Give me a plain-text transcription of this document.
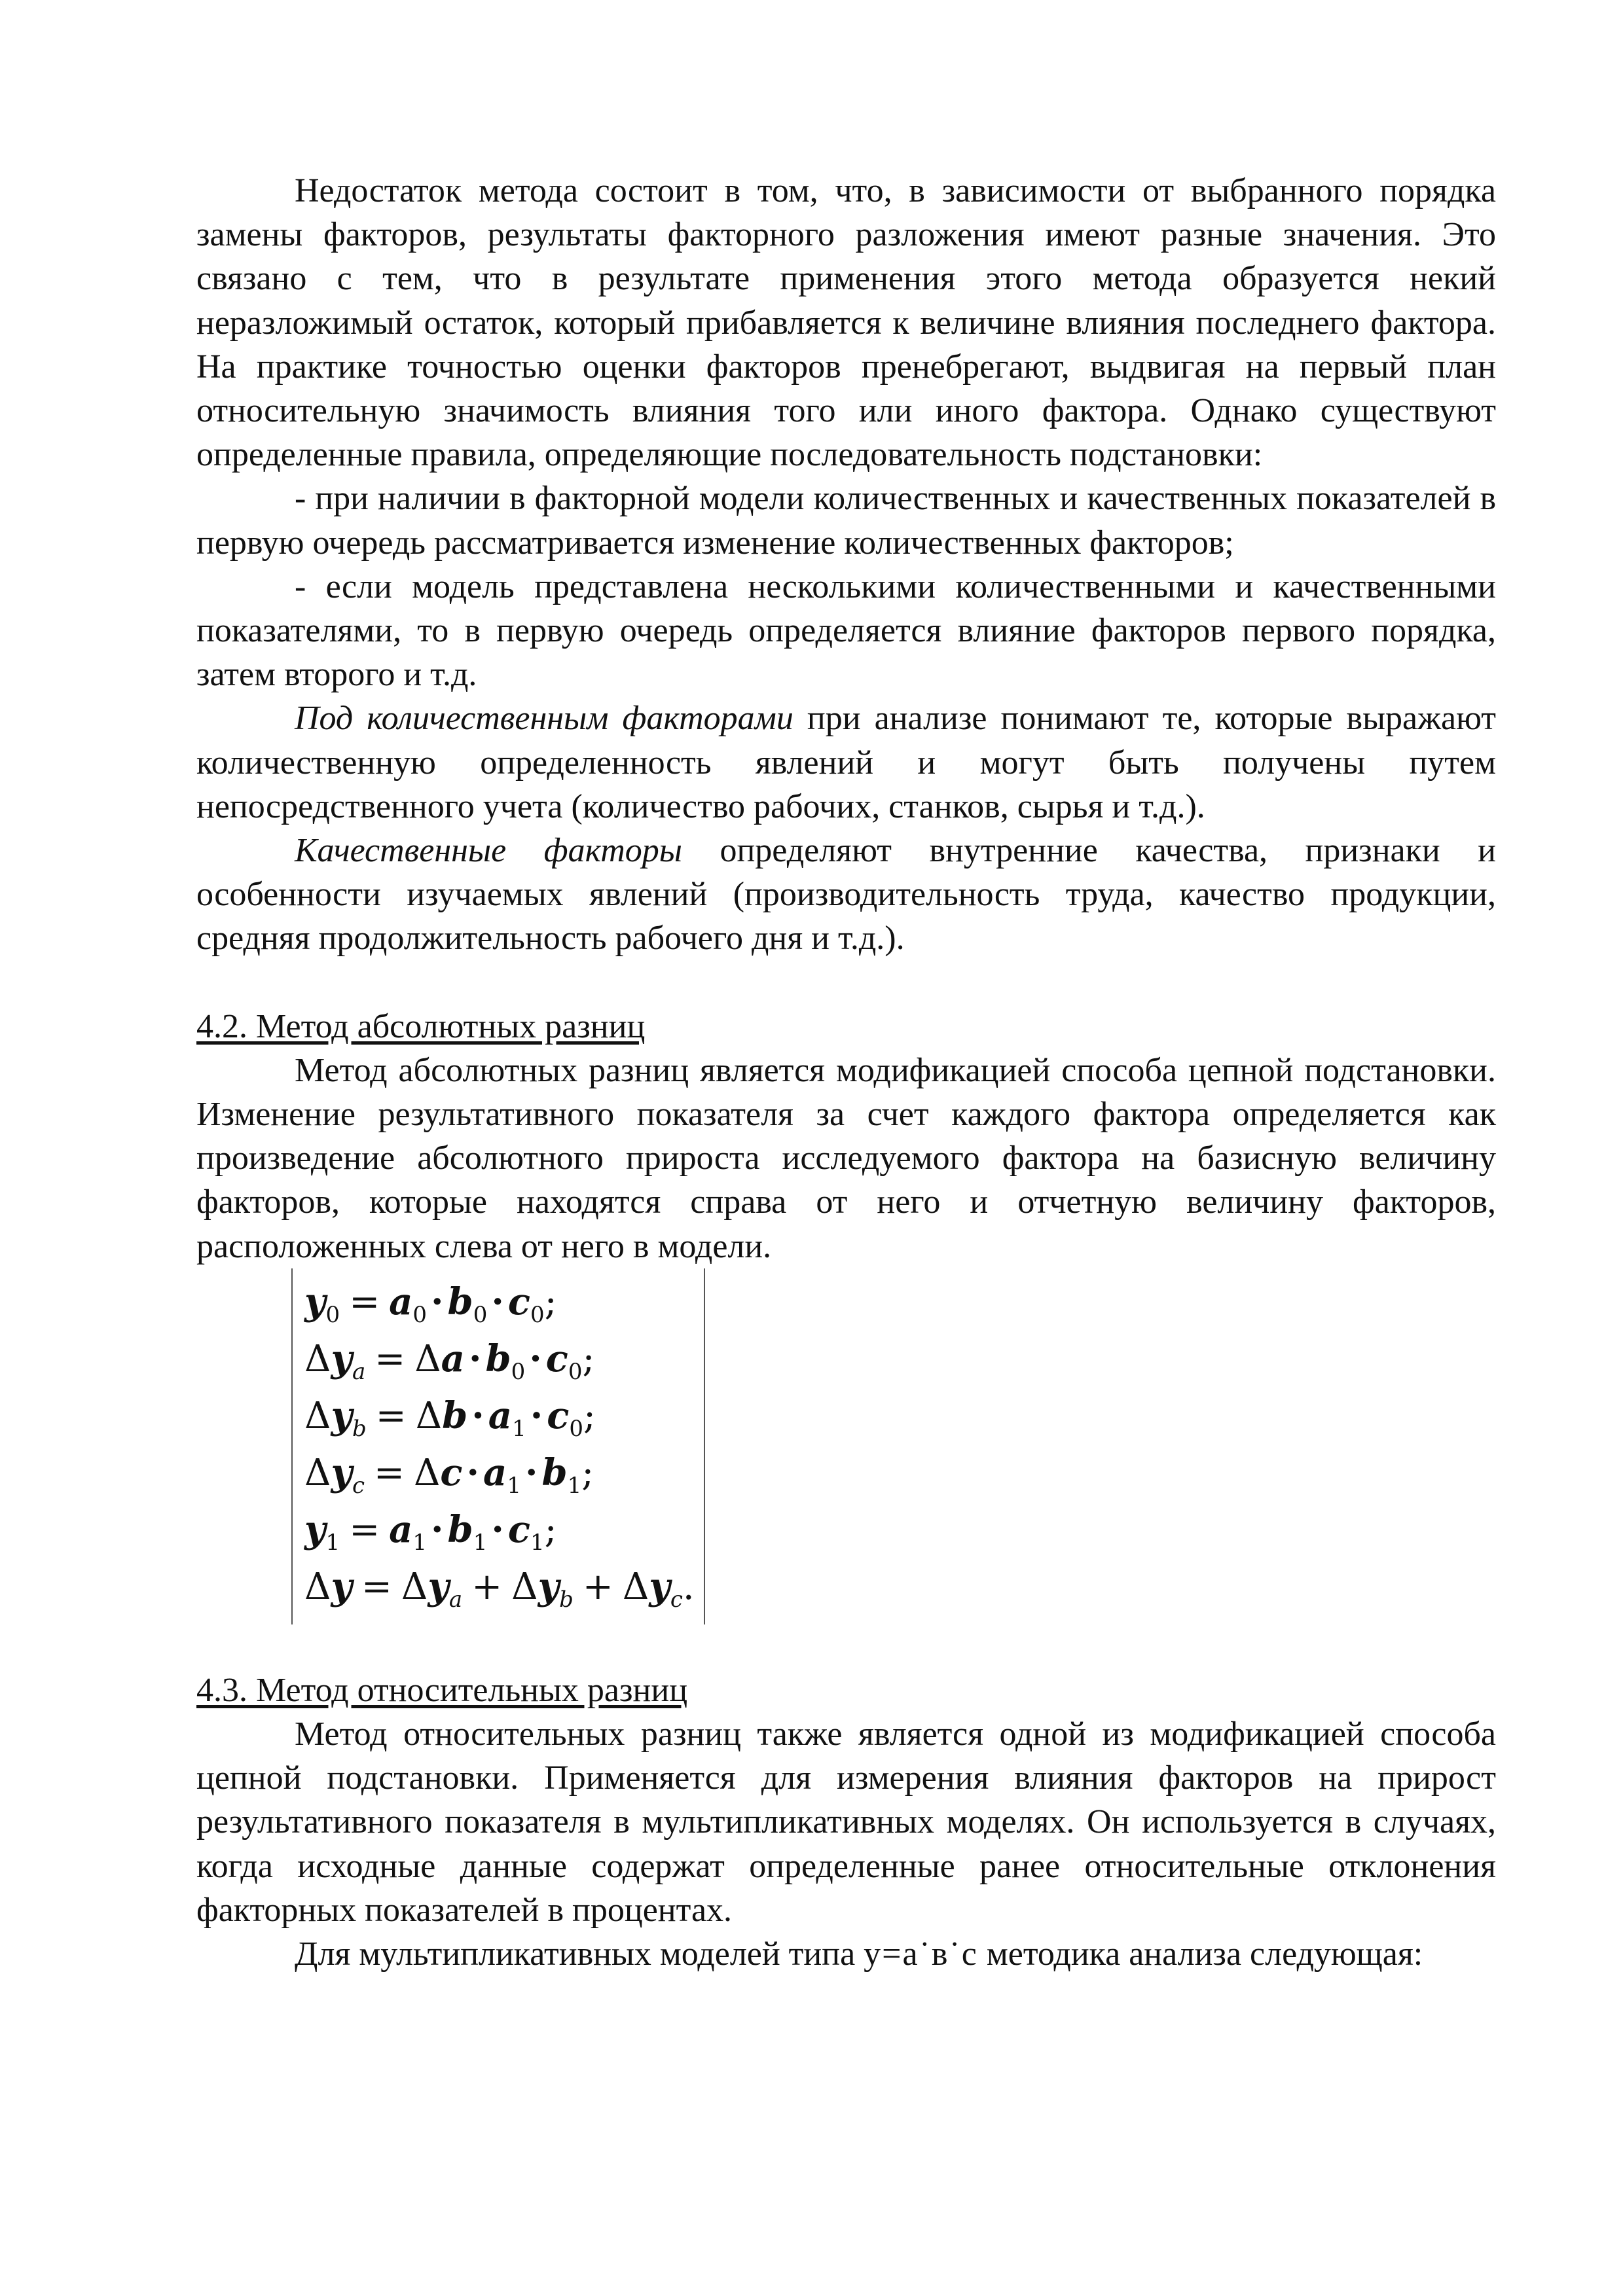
Недостаток метода состоит в том, что, в зависимости от выбранного порядка замены факторов, результаты факторного разложения имеют разные значения. Это связано с тем, что в результате применения этого метода образуется некий неразложимый остаток, который прибавляется к величине влияния последнего фактора. На практике точностью оценки факторов пренебрегают, выдвигая на первый план относительную значимость влияния того или иного фактора. Однако существуют определенные правила, определяющие последовательность подстановки:

- при наличии в факторной модели количественных и качественных показателей в первую очередь рассматривается изменение количественных факторов;

- если модель представлена несколькими количественными и качественными показателями, то в первую очередь определяется влияние факторов первого порядка, затем второго и т.д.

Под количественным факторами при анализе понимают те, которые выражают количественную определенность явлений и могут быть получены путем непосредственного учета (количество рабочих, станков, сырья и т.д.).

Качественные факторы определяют внутренние качества, признаки и особенности изучаемых явлений (производительность труда, качество продукции, средняя продолжительность рабочего дня и т.д.).

4.2. Метод абсолютных разниц

Метод абсолютных разниц является модификацией способа цепной подстановки. Изменение результативного показателя за счет каждого фактора определяется как произведение абсолютного прироста исследуемого фактора на базисную величину факторов, которые находятся справа от него и отчетную величину факторов, расположенных слева от него в модели.

$y_0 = a_0 \cdot b_0 \cdot c_0$;
$\Delta y_a = \Delta a \cdot b_0 \cdot c_0$;
$\Delta y_b = \Delta b \cdot a_1 \cdot c_0$;
$\Delta y_c = \Delta c \cdot a_1 \cdot b_1$;
$y_1 = a_1 \cdot b_1 \cdot c_1$;
$\Delta y = \Delta y_a + \Delta y_b + \Delta y_c$.

4.3. Метод относительных разниц

Метод относительных разниц также является одной из модификацией способа цепной подстановки. Применяется для измерения влияния факторов на прирост результативного показателя в мультипликативных моделях. Он используется в случаях, когда исходные данные содержат определенные ранее относительные отклонения факторных показателей в процентах.

Для мультипликативных моделей типа у=а˙в˙с методика анализа следующая:
